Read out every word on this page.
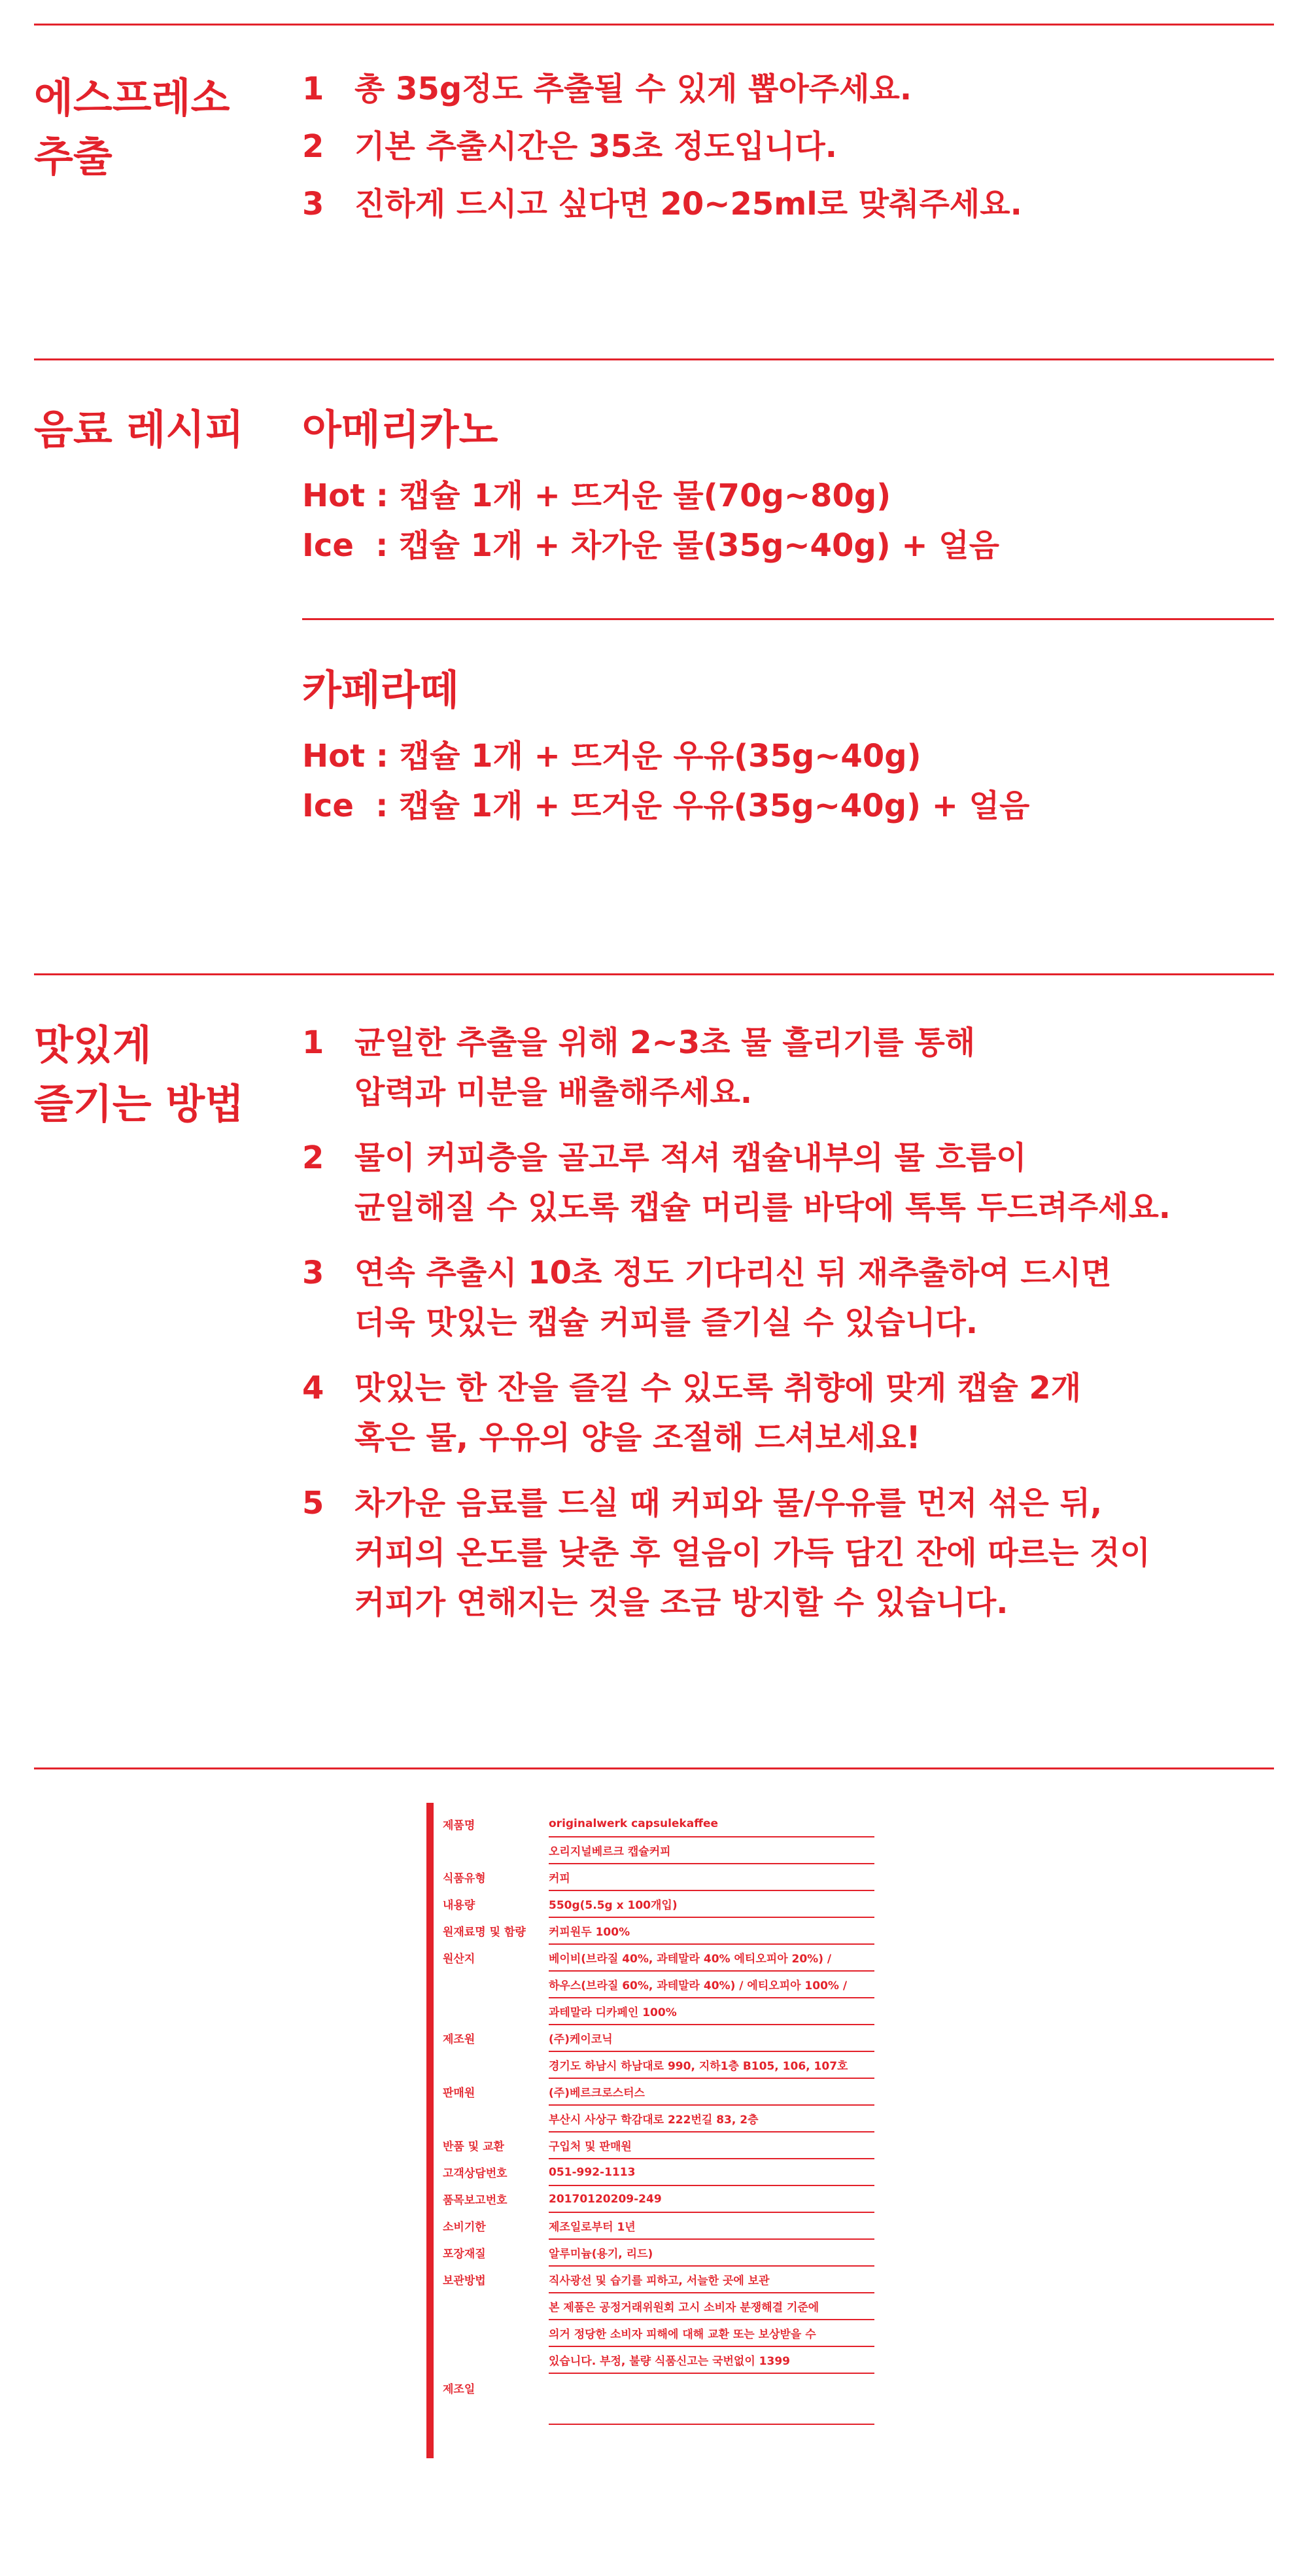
에스프레소
추출
1 총 35g정도 추출될 수 있게 뽑아주세요.
2 기본 추출시간은 35초 정도입니다.
3 진하게 드시고 싶다면 20~25ml로 맞춰주세요.
음료 레시피 아메리카노

Hot : 캡슐 1개 + 뜨거운 물(70g~80g)

Ice  : 캡슐 1개 + 차가운 물(35g~40g) + 얼음

카페라떼

Hot : 캡슐 1개 + 뜨거운 우유(35g~40g)

Ice  : 캡슐 1개 + 뜨거운 우유(35g~40g) + 얼음

맛있게
즐기는 방법
1 균일한 추출을 위해 2~3초 물 흘리기를 통해
압력과 미분을 배출해주세요.
2 물이 커피층을 골고루 적셔 캡슐내부의 물 흐름이
균일해질 수 있도록 캡슐 머리를 바닥에 톡톡 두드려주세요.
3 연속 추출시 10초 정도 기다리신 뒤 재추출하여 드시면
더욱 맛있는 캡슐 커피를 즐기실 수 있습니다.
4 맛있는 한 잔을 즐길 수 있도록 취향에 맞게 캡슐 2개
혹은 물, 우유의 양을 조절해 드셔보세요!
5 차가운 음료를 드실 때 커피와 물/우유를 먼저 섞은 뒤,
커피의 온도를 낮춘 후 얼음이 가득 담긴 잔에 따르는 것이
커피가 연해지는 것을 조금 방지할 수 있습니다.
제품명	originalwerk capsulekaffee
	오리지널베르크 캡슐커피
식품유형	커피
내용량	550g(5.5g x 100개입)
원재료명 및 함량	커피원두 100%
원산지	베이비(브라질 40%, 과테말라 40% 에티오피아 20%) /
	하우스(브라질 60%, 과테말라 40%) / 에티오피아 100% /
	과테말라 디카페인 100%
제조원	(주)케이코닉
	경기도 하남시 하남대로 990, 지하1층 B105, 106, 107호
판매원	(주)베르크로스터스
	부산시 사상구 학감대로 222번길 83, 2층
반품 및 교환	구입처 및 판매원
고객상담번호	051-992-1113
품목보고번호	20170120209-249
소비기한	제조일로부터 1년
포장재질	알루미늄(용기, 리드)
보관방법	직사광선 및 습기를 피하고, 서늘한 곳에 보관
	본 제품은 공정거래위원회 고시 소비자 분쟁해결 기준에
	의거 정당한 소비자 피해에 대해 교환 또는 보상받을 수
	있습니다. 부정, 불량 식품신고는 국번없이 1399
제조일	
